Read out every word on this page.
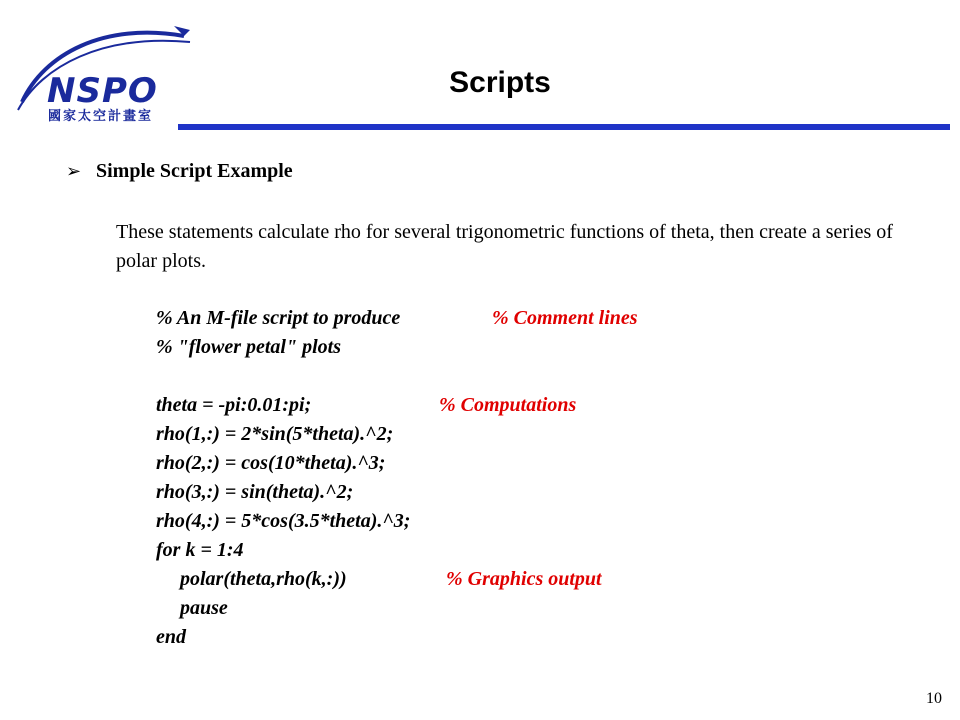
NSPO
國家太空計畫室
Scripts
➢ Simple Script Example
These statements calculate rho for several trigonometric functions of theta, then create a series of polar plots.
% An M-file script to produce
% "flower petal" plots
theta = -pi:0.01:pi;
rho(1,:) = 2*sin(5*theta).^2;
rho(2,:) = cos(10*theta).^3;
rho(3,:) = sin(theta).^2;
rho(4,:) = 5*cos(3.5*theta).^3;
for k = 1:4
polar(theta,rho(k,:))
pause
end
% Comment lines
% Computations
% Graphics output
10
